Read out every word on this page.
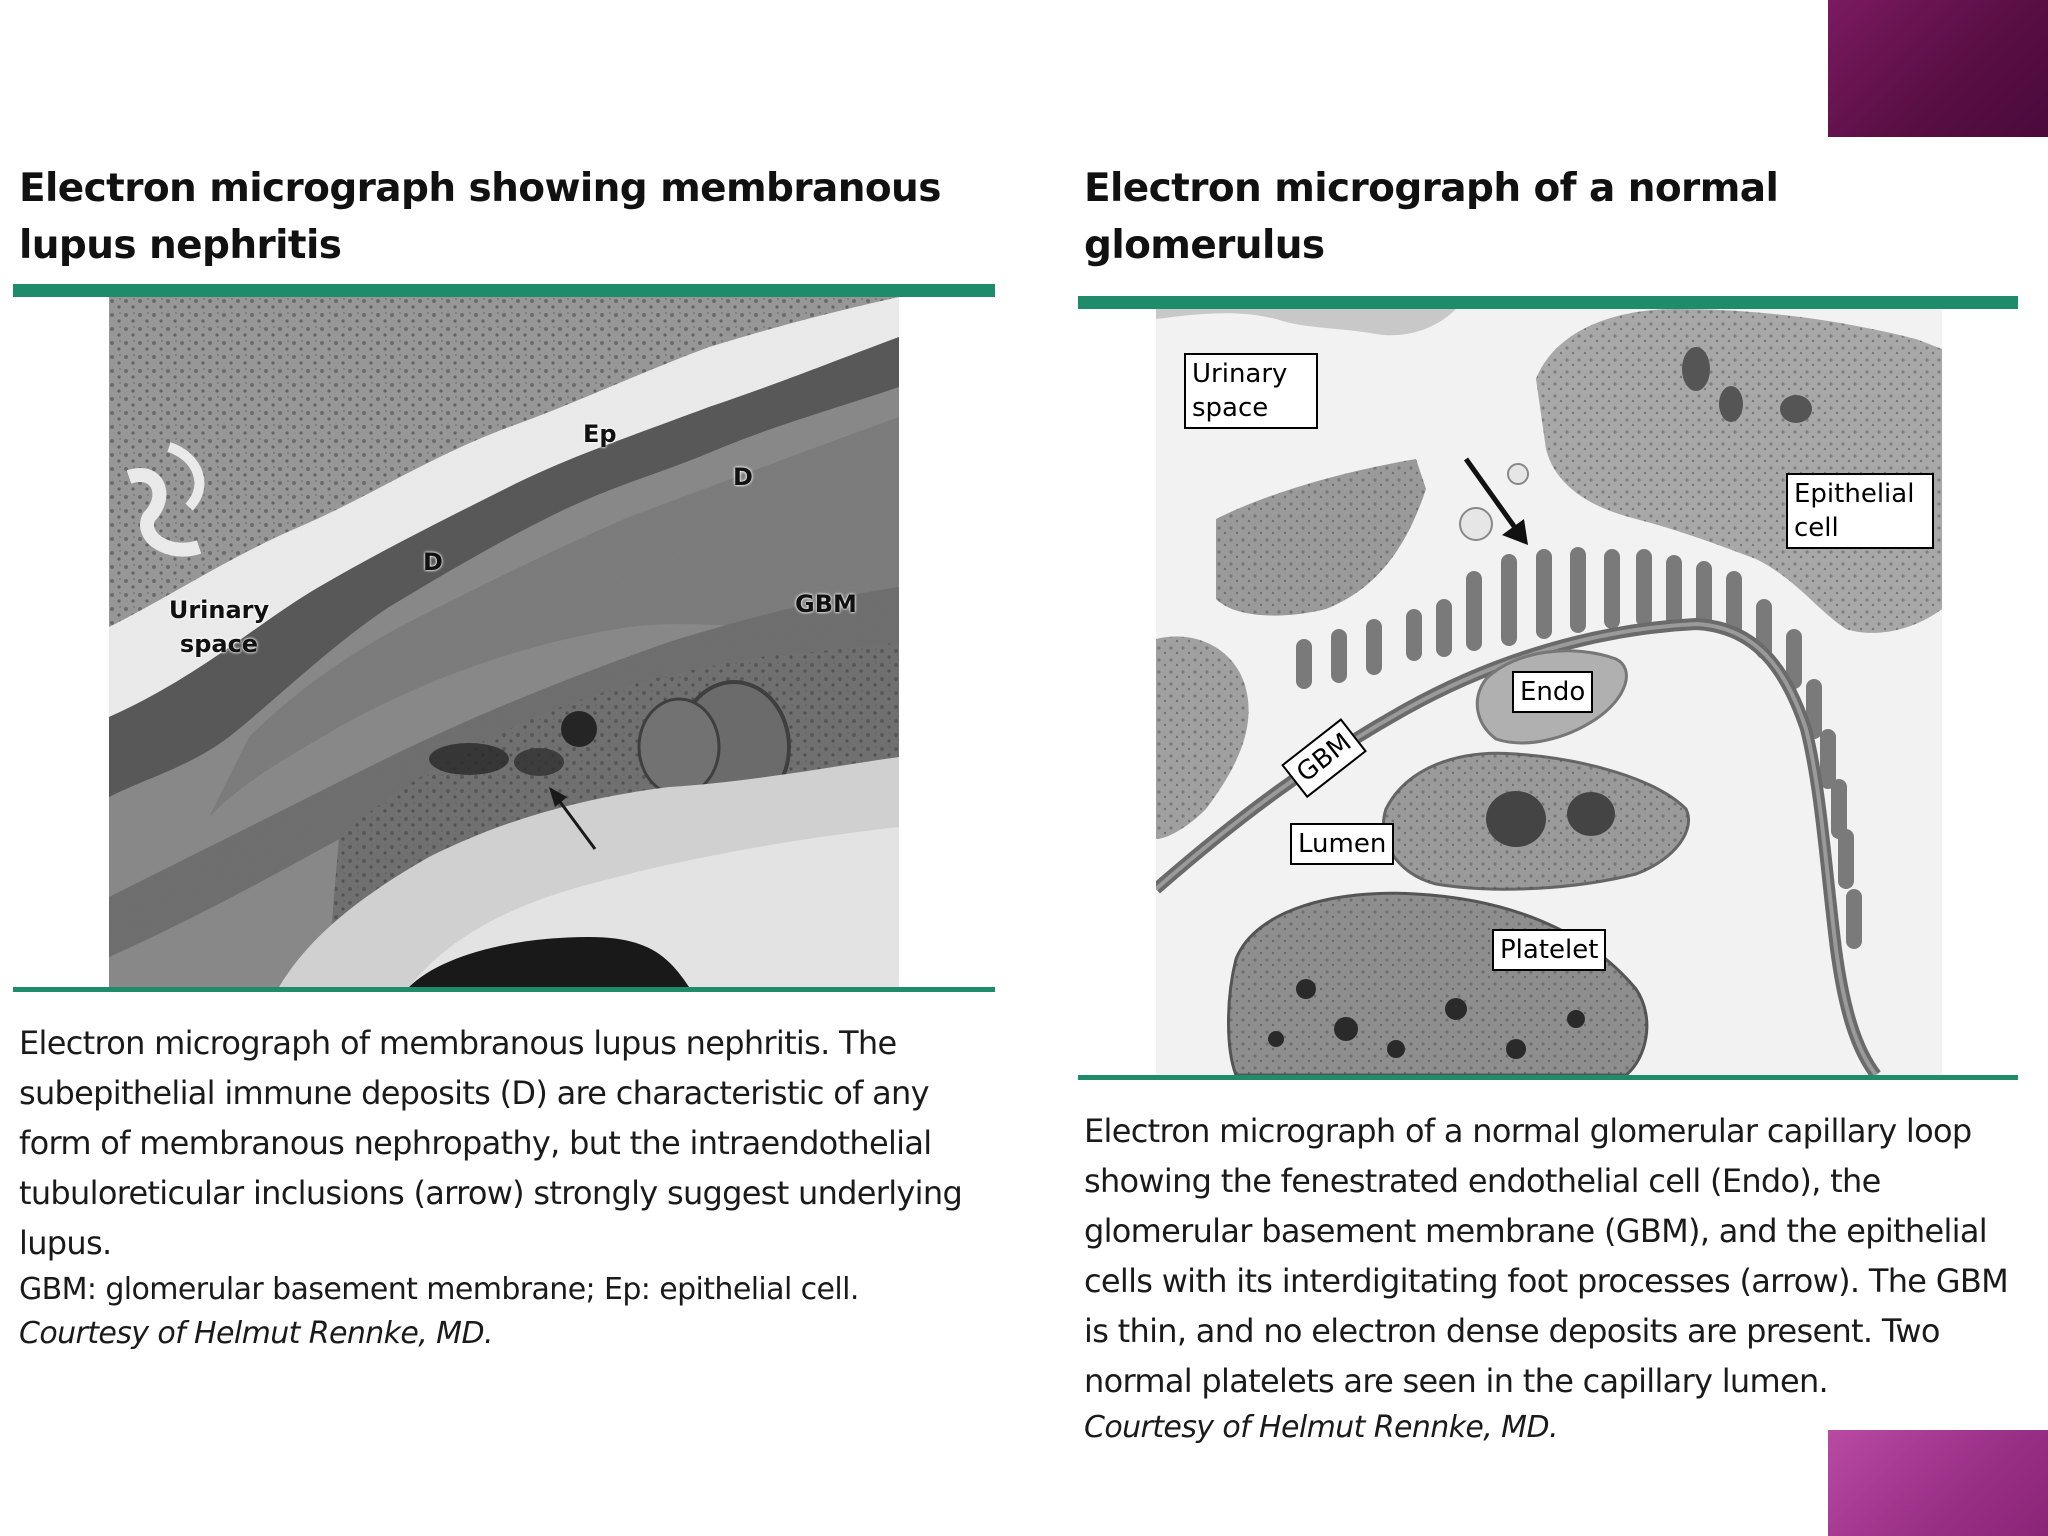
Electron micrograph showing membranous lupus nephritis
Ep
D
D
GBM
Urinary space

Electron micrograph of membranous lupus nephritis. The subepithelial immune deposits (D) are characteristic of any form of membranous nephropathy, but the intraendothelial tubuloreticular inclusions (arrow) strongly suggest underlying lupus.

GBM: glomerular basement membrane; Ep: epithelial cell.
Courtesy of Helmut Rennke, MD.
Electron micrograph of a normal glomerulus
Urinary space
Epithelial cell
Endo
GBM
Lumen
Platelet

Electron micrograph of a normal glomerular capillary loop showing the fenestrated endothelial cell (Endo), the glomerular basement membrane (GBM), and the epithelial cells with its interdigitating foot processes (arrow). The GBM is thin, and no electron dense deposits are present. Two normal platelets are seen in the capillary lumen.

Courtesy of Helmut Rennke, MD.
